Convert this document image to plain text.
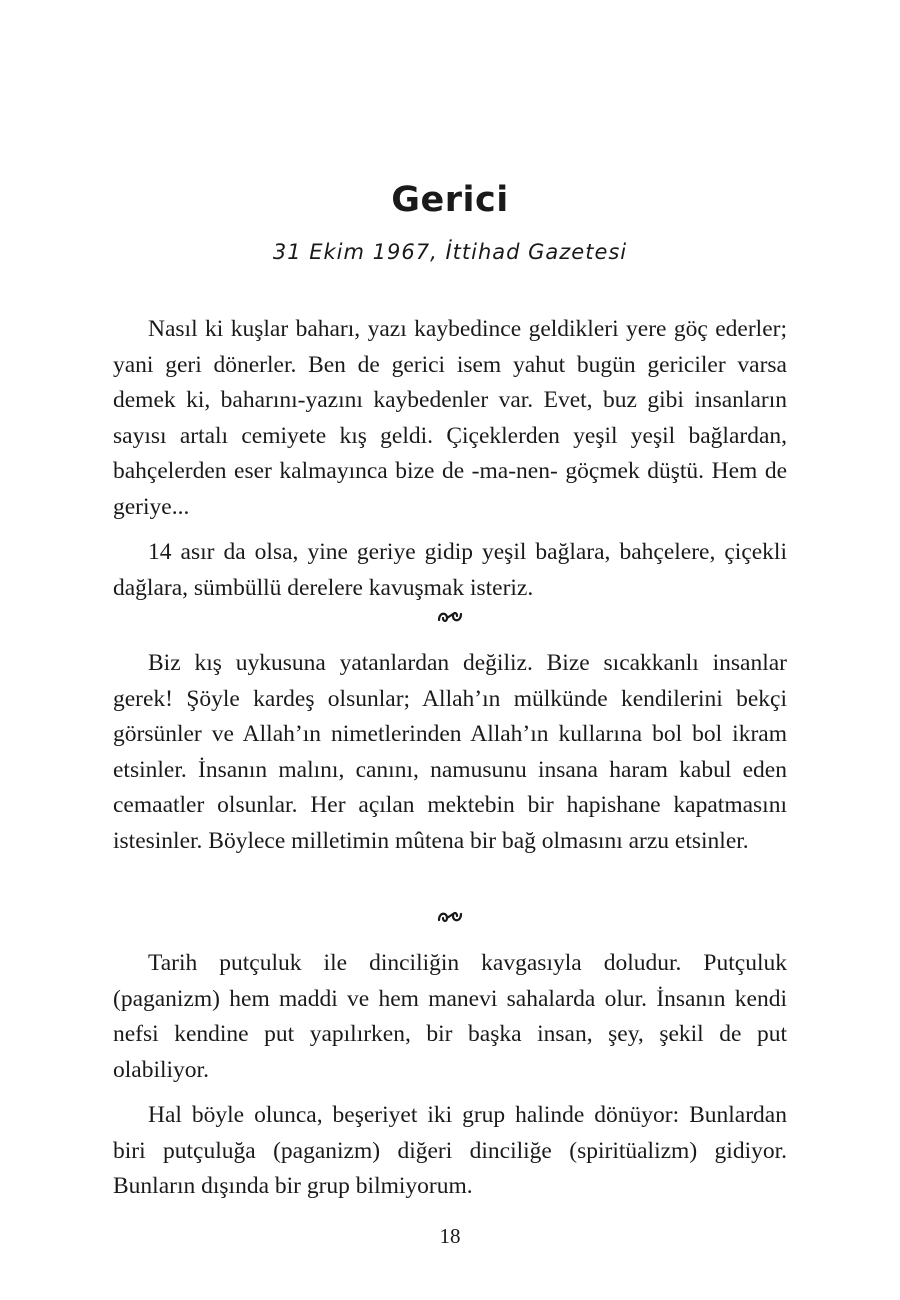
Gerici
31 Ekim 1967, İttihad Gazetesi

Nasıl ki kuşlar baharı, yazı kaybedince geldikleri yere göç ederler; yani geri dönerler. Ben de gerici isem yahut bugün gericiler varsa demek ki, baharını-yazını kaybedenler var. Evet, buz gibi insanların sayısı artalı cemiyete kış geldi. Çiçeklerden yeşil yeşil bağlardan, bahçelerden eser kalmayınca bize de -ma-nen- göçmek düştü. Hem de geriye...

14 asır da olsa, yine geriye gidip yeşil bağlara, bahçelere, çiçekli dağlara, sümbüllü derelere kavuşmak isteriz.

Biz kış uykusuna yatanlardan değiliz. Bize sıcakkanlı insanlar gerek! Şöyle kardeş olsunlar; Allah’ın mülkünde kendilerini bekçi görsünler ve Allah’ın nimetlerinden Allah’ın kullarına bol bol ikram etsinler. İnsanın malını, canını, namusunu insana haram kabul eden cemaatler olsunlar. Her açılan mektebin bir hapishane kapatmasını istesinler. Böylece milletimin mûtena bir bağ olmasını arzu etsinler.

Tarih putçuluk ile dinciliğin kavgasıyla doludur. Putçuluk (paganizm) hem maddi ve hem manevi sahalarda olur. İnsanın kendi nefsi kendine put yapılırken, bir başka insan, şey, şekil de put olabiliyor.

Hal böyle olunca, beşeriyet iki grup halinde dönüyor: Bunlardan biri putçuluğa (paganizm) diğeri dinciliğe (spiritüalizm) gidiyor. Bunların dışında bir grup bilmiyorum.

18
